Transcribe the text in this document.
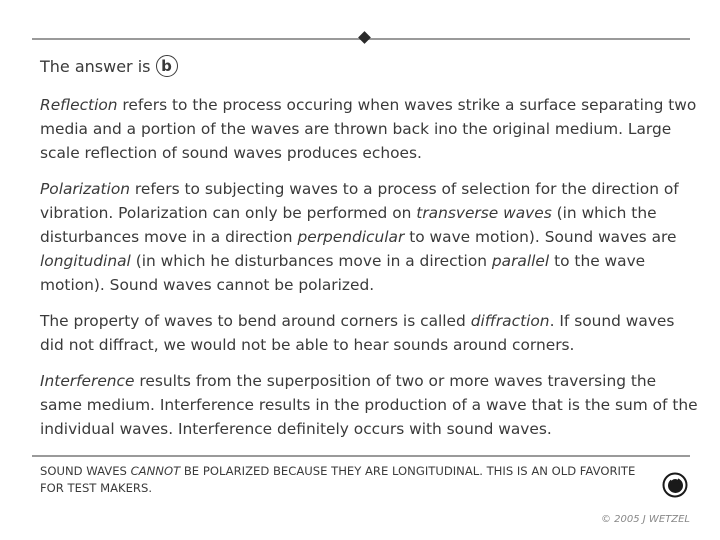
The answer is b

Reflection refers to the process occuring when waves strike a surface separating two media and a portion of the waves are thrown back ino the original medium. Large scale reflection of sound waves produces echoes.

Polarization refers to subjecting waves to a process of selection for the direction of vibration. Polarization can only be performed on transverse waves (in which the disturbances move in a direction perpendicular to wave motion). Sound waves are longitudinal (in which he disturbances move in a direction parallel to the wave motion). Sound waves cannot be polarized.

The property of waves to bend around corners is called diffraction. If sound waves did not diffract, we would not be able to hear sounds around corners.

Interference results from the superposition of two or more waves traversing the same medium. Interference results in the production of a wave that is the sum of the individual waves. Interference definitely occurs with sound waves.

SOUND WAVES CANNOT BE POLARIZED BECAUSE THEY ARE LONGITUDINAL. THIS IS AN OLD FAVORITE FOR TEST MAKERS.
© 2005 J WETZEL
